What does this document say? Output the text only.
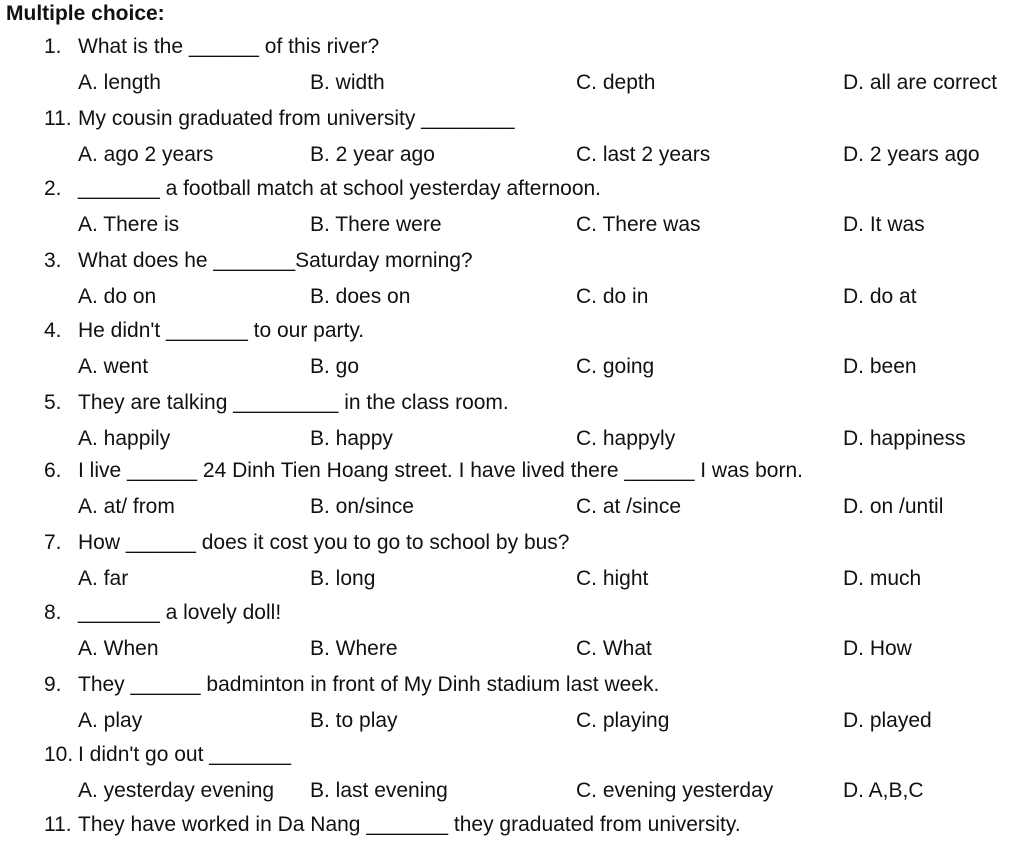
Multiple choice:
1. What is the ______ of this river?
A. length	B. width	C. depth	D. all are correct
11. My cousin graduated from university ________
A. ago 2 years	B. 2 year ago	C. last 2 years	D. 2 years ago
2. _______ a football match at school yesterday afternoon.
A. There is	B. There were	C. There was	D. It was
3. What does he _______Saturday morning?
A. do on	B. does on	C. do in	D. do at
4. He didn't _______ to our party.
A. went	B. go	C. going	D. been
5. They are talking _________ in the class room.
A. happily	B. happy	C. happyly	D. happiness
6. I live ______ 24 Dinh Tien Hoang street. I have lived there ______ I was born.
A. at/ from	B. on/since	C. at /since	D. on /until
7. How ______ does it cost you to go to school by bus?
A. far	B. long	C. hight	D. much
8. _______ a lovely doll!
A. When	B. Where	C. What	D. How
9. They ______ badminton in front of My Dinh stadium last week.
A. play	B. to play	C. playing	D. played
10. I didn't go out _______
A. yesterday evening B. last evening	C. evening yesterday	D. A,B,C
11. They have worked in Da Nang _______ they graduated from university.
